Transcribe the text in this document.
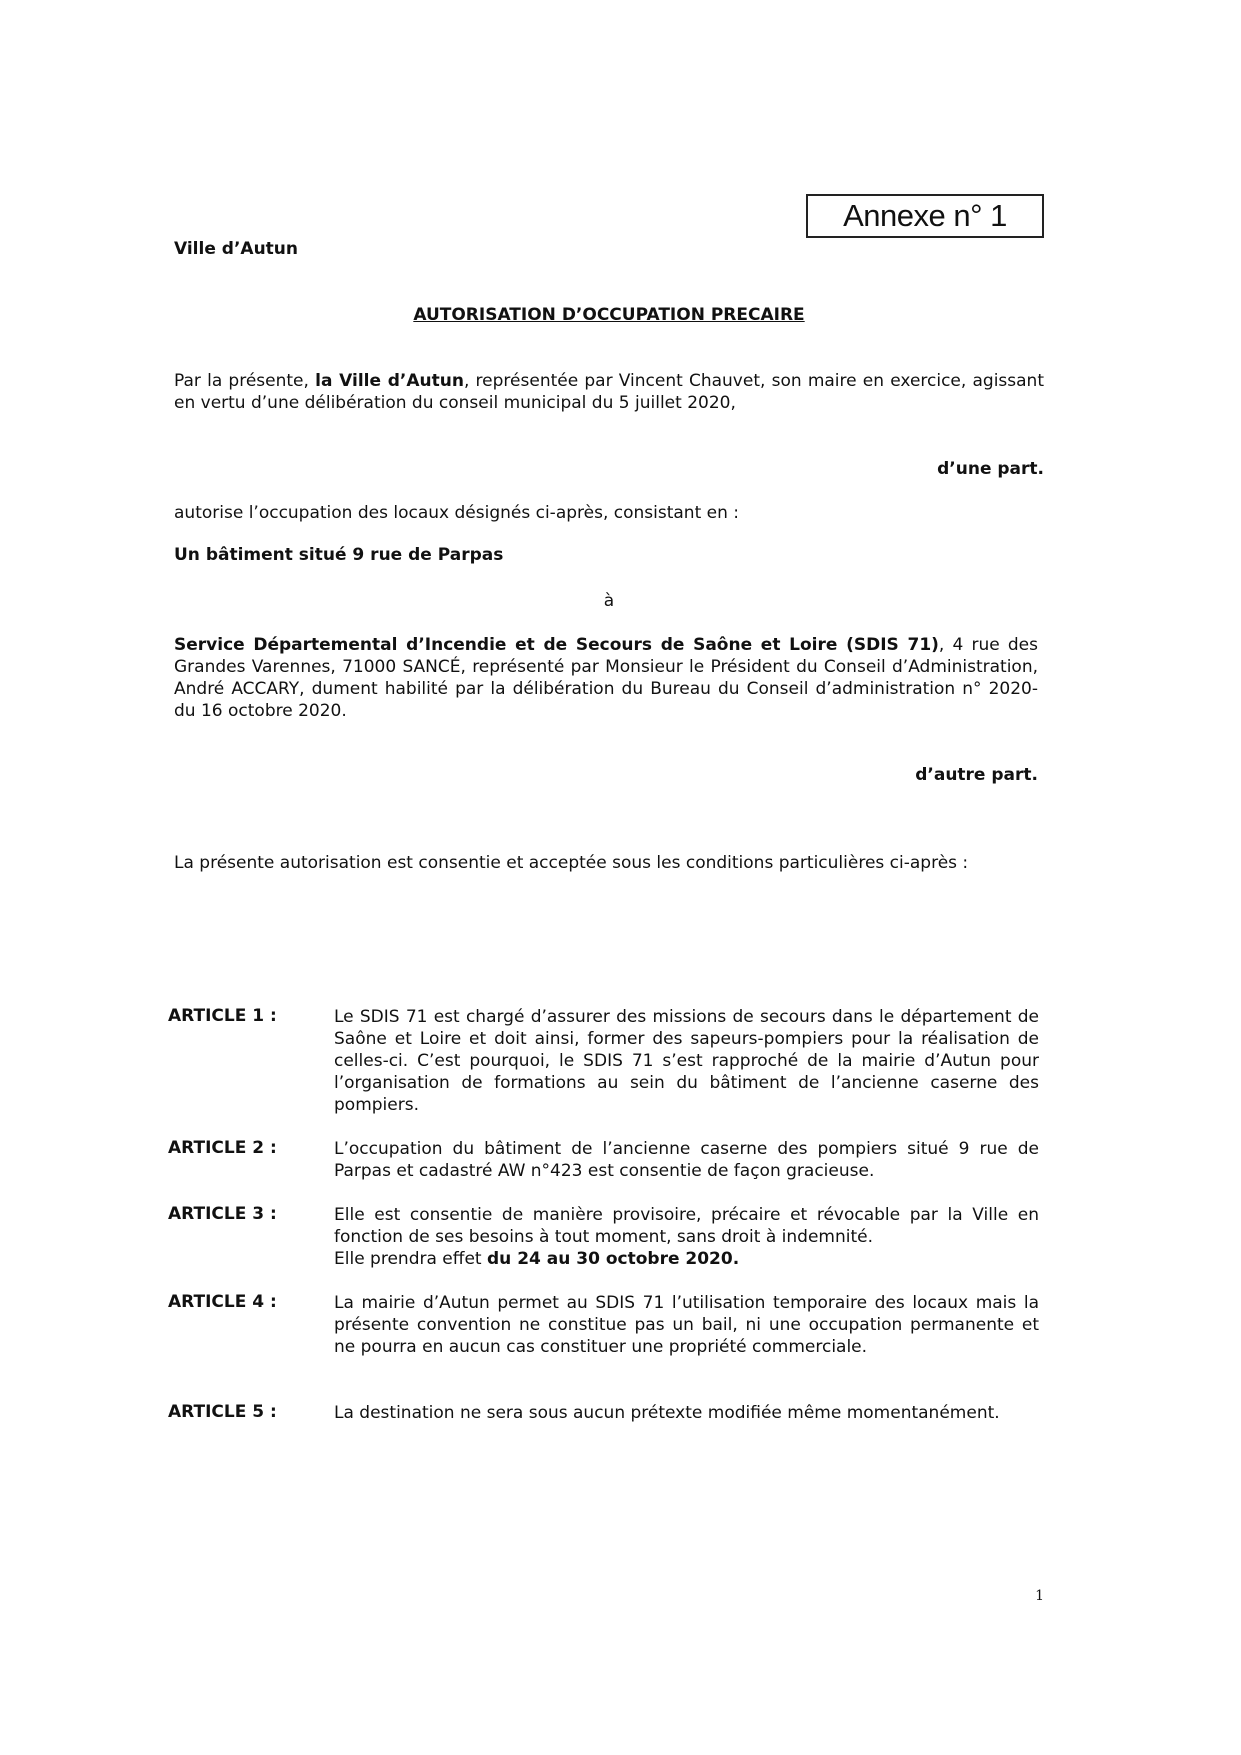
Annexe n° 1
Ville d’Autun
AUTORISATION D’OCCUPATION PRECAIRE
Par la présente, la Ville d’Autun, représentée par Vincent Chauvet, son maire en exercice, agissant en vertu d’une délibération du conseil municipal du 5 juillet 2020,
d’une part.
autorise l’occupation des locaux désignés ci-après, consistant en :
Un bâtiment situé 9 rue de Parpas
à
Service Départemental d’Incendie et de Secours de Saône et Loire (SDIS 71), 4 rue des Grandes Varennes, 71000 SANCÉ, représenté par Monsieur le Président du Conseil d’Administration, André ACCARY, dument habilité par la délibération du Bureau du Conseil d’administration n° 2020- du 16 octobre 2020.
d’autre part.
La présente autorisation est consentie et acceptée sous les conditions particulières ci-après :
ARTICLE 1 :	Le SDIS 71 est chargé d’assurer des missions de secours dans le département de Saône et Loire et doit ainsi, former des sapeurs-pompiers pour la réalisation de celles-ci. C’est pourquoi, le SDIS 71 s’est rapproché de la mairie d’Autun pour l’organisation de formations au sein du bâtiment de l’ancienne caserne des pompiers.
ARTICLE 2 :	L’occupation du bâtiment de l’ancienne caserne des pompiers situé 9 rue de Parpas et cadastré AW n°423 est consentie de façon gracieuse.
ARTICLE 3 :	Elle est consentie de manière provisoire, précaire et révocable par la Ville en fonction de ses besoins à tout moment, sans droit à indemnité.
Elle prendra effet du 24 au 30 octobre 2020.
ARTICLE 4 :	La mairie d’Autun permet au SDIS 71 l’utilisation temporaire des locaux mais la présente convention ne constitue pas un bail, ni une occupation permanente et ne pourra en aucun cas constituer une propriété commerciale.
ARTICLE 5 :	La destination ne sera sous aucun prétexte modifiée même momentanément.
1
